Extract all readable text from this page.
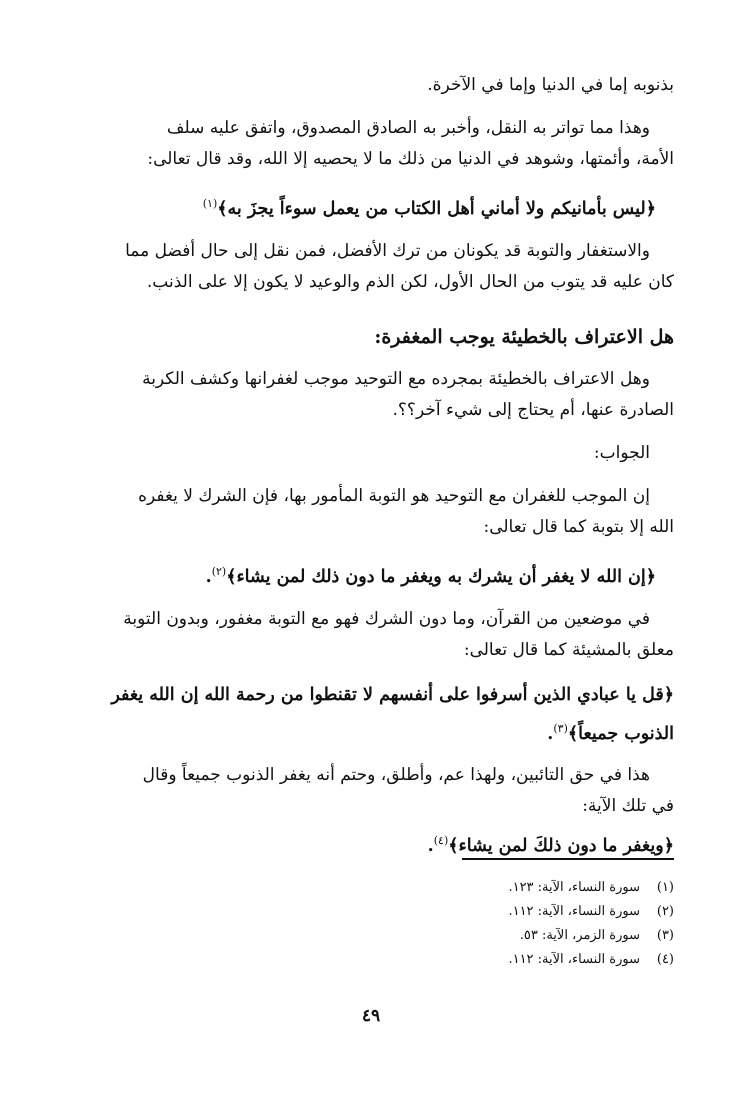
بذنوبه إما في الدنيا وإما في الآخرة.
وهذا مما تواتر به النقل، وأخبر به الصادق المصدوق، واتفق عليه سلف
الأمة، وأئمتها، وشوهد في الدنيا من ذلك ما لا يحصيه إلا الله، وقد قال تعالى:
﴿ليس بأمانيكم ولا أماني أهل الكتاب من يعمل سوءاً يجزَ به﴾$^{(١)}$
والاستغفار والتوبة قد يكونان من ترك الأفضل، فمن نقل إلى حال أفضل مما
كان عليه قد يتوب من الحال الأول، لكن الذم والوعيد لا يكون إلا على الذنب.
هل الاعتراف بالخطيئة يوجب المغفرة:
وهل الاعتراف بالخطيئة بمجرده مع التوحيد موجب لغفرانها وكشف الكربة
الصادرة عنها، أم يحتاج إلى شيء آخر؟؟.
الجواب:
إن الموجب للغفران مع التوحيد هو التوبة المأمور بها، فإن الشرك لا يغفره
الله إلا بتوبة كما قال تعالى:
﴿إن الله لا يغفر أن يشرك به ويغفر ما دون ذلك لمن يشاء﴾$^{(٢)}$.
في موضعين من القرآن، وما دون الشرك فهو مع التوبة مغفور، وبدون التوبة
معلق بالمشيئة كما قال تعالى:
﴿قل يا عبادي الذين أسرفوا على أنفسهم لا تقنطوا من رحمة الله إن الله يغفر
الذنوب جميعاً﴾$^{(٣)}$.
هذا في حق التائبين، ولهذا عم، وأطلق، وحتم أنه يغفر الذنوب جميعاً وقال
في تلك الآية:
﴿ويغفر ما دون ذلكَ لمن يشاء﴾$^{(٤)}$.
(١)سورة النساء، الآية: ١٢٣.
(٢)سورة النساء، الآية: ١١٢.
(٣)سورة الزمر، الآية: ٥٣.
(٤)سورة النساء، الآية: ١١٢.
٤٩
